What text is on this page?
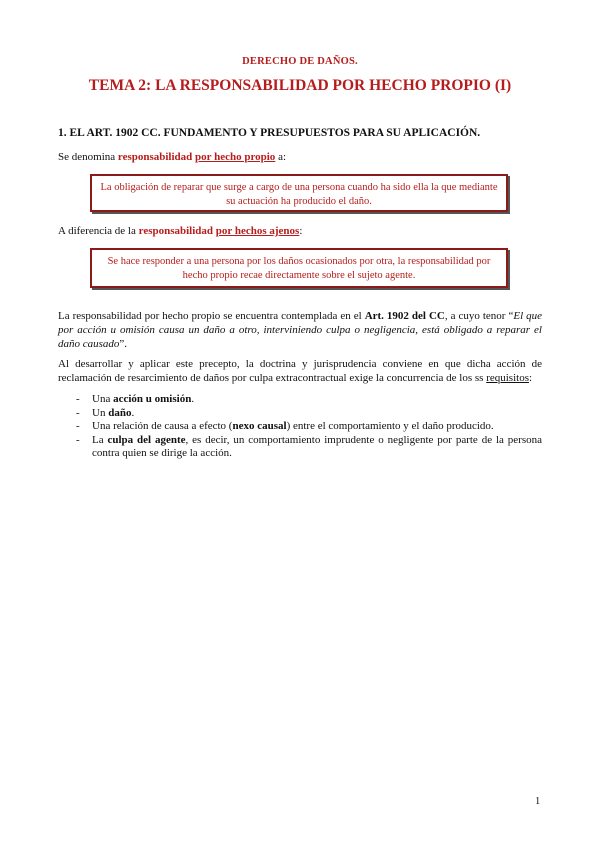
DERECHO DE DAÑOS.
TEMA 2: LA RESPONSABILIDAD POR HECHO PROPIO (I)
1. EL ART. 1902 CC. FUNDAMENTO Y PRESUPUESTOS PARA SU APLICACIÓN.
Se denomina responsabilidad por hecho propio a:
La obligación de reparar que surge a cargo de una persona cuando ha sido ella la que mediante su actuación ha producido el daño.
A diferencia de la responsabilidad por hechos ajenos:
Se hace responder a una persona por los daños ocasionados por otra, la responsabilidad por hecho propio recae directamente sobre el sujeto agente.
La responsabilidad por hecho propio se encuentra contemplada en el Art. 1902 del CC, a cuyo tenor “El que por acción u omisión causa un daño a otro, interviniendo culpa o negligencia, está obligado a reparar el daño causado”.
Al desarrollar y aplicar este precepto, la doctrina y jurisprudencia conviene en que dicha acción de reclamación de resarcimiento de daños por culpa extracontractual exige la concurrencia de los ss requisitos:
- Una acción u omisión.
- Un daño.
- Una relación de causa a efecto (nexo causal) entre el comportamiento y el daño producido.
- La culpa del agente, es decir, un comportamiento imprudente o negligente por parte de la persona contra quien se dirige la acción.
1
